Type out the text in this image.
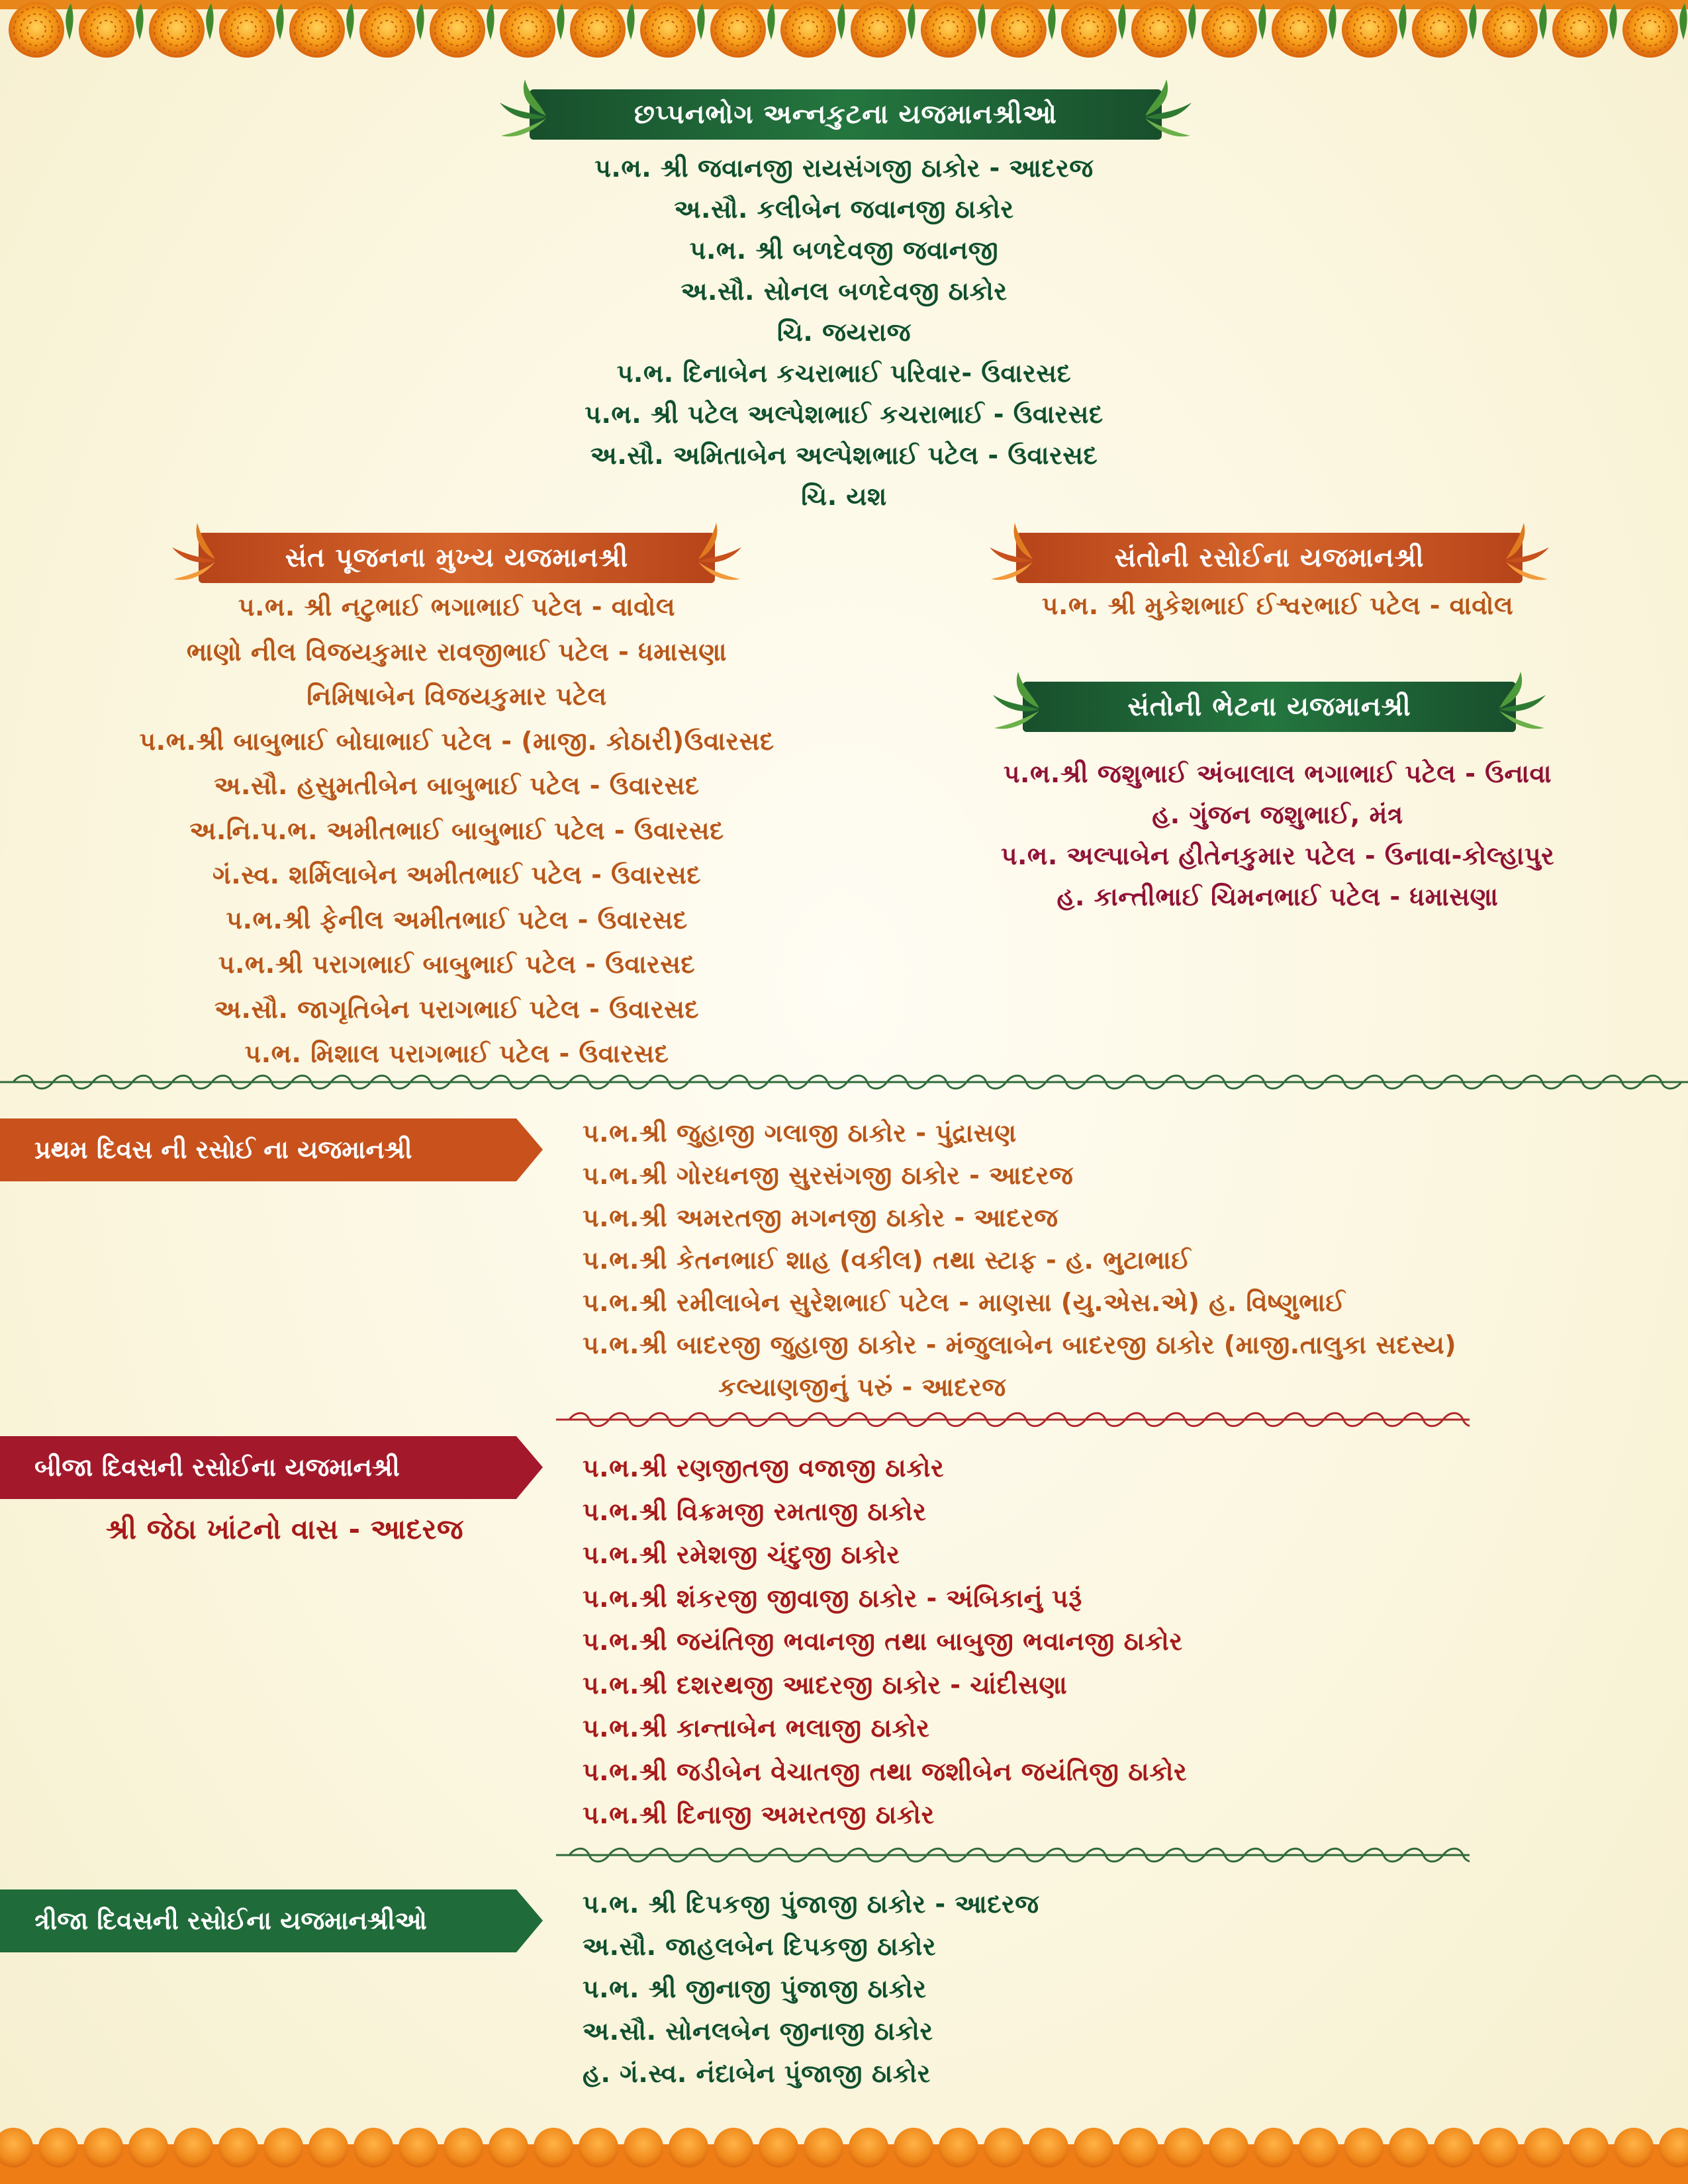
છપ્પનભોગ અન્નકુટના યજમાનશ્રીઓ
પ.ભ. શ્રી જવાનજી રાયસંગજી ઠાકોર - આદરજ
અ.સૌ. કલીબેન જવાનજી ઠાકોર
પ.ભ. શ્રી બળદેવજી જવાનજી
અ.સૌ. સોનલ બળદેવજી ઠાકોર
ચિ. જયરાજ
પ.ભ. દિનાબેન કચરાભાઈ પરિવાર- ઉવારસદ
પ.ભ. શ્રી પટેલ અલ્પેશભાઈ કચરાભાઈ - ઉવારસદ
અ.સૌ. અમિતાબેન અલ્પેશભાઈ પટેલ - ઉવારસદ
ચિ. યશ
સંત પૂજનના મુખ્ય યજમાનશ્રી
પ.ભ. શ્રી નટુભાઈ ભગાભાઈ પટેલ - વાવોલ
ભાણો નીલ વિજયકુમાર રાવજીભાઈ પટેલ - ધમાસણા
નિમિષાબેન વિજયકુમાર પટેલ
પ.ભ.શ્રી બાબુભાઈ બોઘાભાઈ પટેલ - (માજી. કોઠારી)ઉવારસદ
અ.સૌ. હસુમતીબેન બાબુભાઈ પટેલ - ઉવારસદ
અ.નિ.પ.ભ. અમીતભાઈ બાબુભાઈ પટેલ - ઉવારસદ
ગં.સ્વ. શર્મિલાબેન અમીતભાઈ પટેલ - ઉવારસદ
પ.ભ.શ્રી ફેનીલ અમીતભાઈ પટેલ - ઉવારસદ
પ.ભ.શ્રી પરાગભાઈ બાબુભાઈ પટેલ - ઉવારસદ
અ.સૌ. જાગૃતિબેન પરાગભાઈ પટેલ - ઉવારસદ
પ.ભ. મિશાલ પરાગભાઈ પટેલ - ઉવારસદ
સંતોની રસોઈના યજમાનશ્રી
પ.ભ. શ્રી મુકેશભાઈ ઈશ્વરભાઈ પટેલ - વાવોલ
સંતોની ભેટના યજમાનશ્રી
પ.ભ.શ્રી જશુભાઈ અંબાલાલ ભગાભાઈ પટેલ - ઉનાવા
હ. ગુંજન જશુભાઈ, મંત્ર
પ.ભ. અલ્પાબેન હીતેનકુમાર પટેલ - ઉનાવા-કોલ્હાપુર
હ. કાન્તીભાઈ ચિમનભાઈ પટેલ - ધમાસણા
પ્રથમ દિવસ ની રસોઈ ના યજમાનશ્રી
પ.ભ.શ્રી જુહાજી ગલાજી ઠાકોર - પુંદ્રાસણ
પ.ભ.શ્રી ગોરધનજી સુરસંગજી ઠાકોર - આદરજ
પ.ભ.શ્રી અમરતજી મગનજી ઠાકોર - આદરજ
પ.ભ.શ્રી કેતનભાઈ શાહ (વકીલ) તથા સ્ટાફ - હ. ભુટાભાઈ
પ.ભ.શ્રી રમીલાબેન સુરેશભાઈ પટેલ - માણસા (યુ.એસ.એ) હ. વિષ્ણુભાઈ
પ.ભ.શ્રી બાદરજી જુહાજી ઠાકોર - મંજુલાબેન બાદરજી ઠાકોર (માજી.તાલુકા સદસ્ય)
કલ્યાણજીનું પરું - આદરજ
બીજા દિવસની રસોઈના યજમાનશ્રી
શ્રી જેઠા ખાંટનો વાસ - આદરજ
પ.ભ.શ્રી રણજીતજી વજાજી ઠાકોર
પ.ભ.શ્રી વિક્રમજી રમતાજી ઠાકોર
પ.ભ.શ્રી રમેશજી ચંદુજી ઠાકોર
પ.ભ.શ્રી શંકરજી જીવાજી ઠાકોર - અંબિકાનું પરૂં
પ.ભ.શ્રી જયંતિજી ભવાનજી તથા બાબુજી ભવાનજી ઠાકોર
પ.ભ.શ્રી દશરથજી આદરજી ઠાકોર - ચાંદીસણા
પ.ભ.શ્રી કાન્તાબેન ભલાજી ઠાકોર
પ.ભ.શ્રી જડીબેન વેચાતજી તથા જશીબેન જયંતિજી ઠાકોર
પ.ભ.શ્રી દિનાજી અમરતજી ઠાકોર
ત્રીજા દિવસની રસોઈના યજમાનશ્રીઓ
પ.ભ. શ્રી દિપકજી પુંજાજી ઠાકોર - આદરજ
અ.સૌ. જાહલબેન દિપકજી ઠાકોર
પ.ભ. શ્રી જીનાજી પુંજાજી ઠાકોર
અ.સૌ. સોનલબેન જીનાજી ઠાકોર
હ. ગં.સ્વ. નંદાબેન પુંજાજી ઠાકોર
